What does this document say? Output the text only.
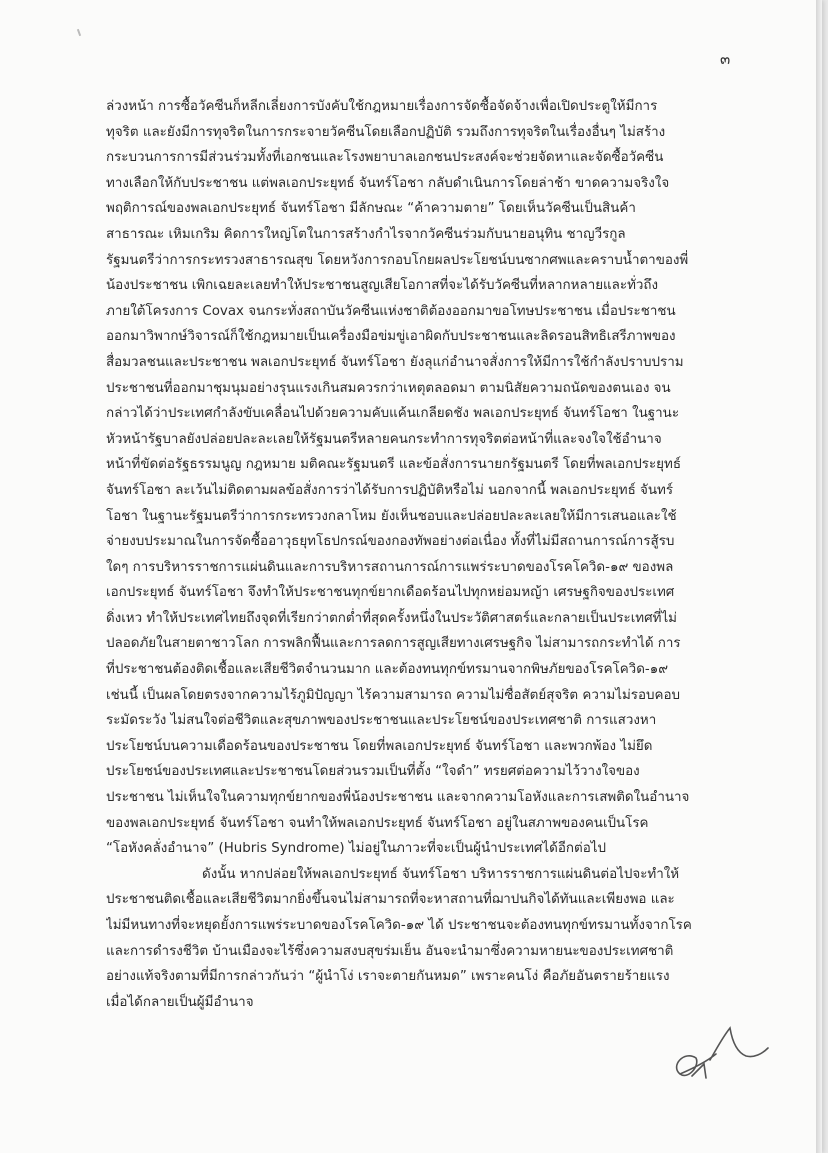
๓
ล่วงหน้า การซื้อวัคซีนก็หลีกเลี่ยงการบังคับใช้กฎหมายเรื่องการจัดซื้อจัดจ้างเพื่อเปิดประตูให้มีการ
ทุจริต และยังมีการทุจริตในการกระจายวัคซีนโดยเลือกปฏิบัติ รวมถึงการทุจริตในเรื่องอื่นๆ ไม่สร้าง
กระบวนการการมีส่วนร่วมทั้งที่เอกชนและโรงพยาบาลเอกชนประสงค์จะช่วยจัดหาและจัดซื้อวัคซีน
ทางเลือกให้กับประชาชน แต่พลเอกประยุทธ์ จันทร์โอชา กลับดำเนินการโดยล่าช้า ขาดความจริงใจ
พฤติการณ์ของพลเอกประยุทธ์ จันทร์โอชา มีลักษณะ “ค้าความตาย” โดยเห็นวัคซีนเป็นสินค้า
สาธารณะ เหิมเกริม คิดการใหญ่โตในการสร้างกำไรจากวัคซีนร่วมกับนายอนุทิน ชาญวีรกูล
รัฐมนตรีว่าการกระทรวงสาธารณสุข โดยหวังการกอบโกยผลประโยชน์บนซากศพและคราบน้ำตาของพี่
น้องประชาชน เพิกเฉยละเลยทำให้ประชาชนสูญเสียโอกาสที่จะได้รับวัคซีนที่หลากหลายและทั่วถึง
ภายใต้โครงการ Covax จนกระทั่งสถาบันวัคซีนแห่งชาติต้องออกมาขอโทษประชาชน เมื่อประชาชน
ออกมาวิพากษ์วิจารณ์ก็ใช้กฎหมายเป็นเครื่องมือข่มขู่เอาผิดกับประชาชนและลิดรอนสิทธิเสรีภาพของ
สื่อมวลชนและประชาชน พลเอกประยุทธ์ จันทร์โอชา ยังลุแก่อำนาจสั่งการให้มีการใช้กำลังปราบปราม
ประชาชนที่ออกมาชุมนุมอย่างรุนแรงเกินสมควรกว่าเหตุตลอดมา ตามนิสัยความถนัดของตนเอง จน
กล่าวได้ว่าประเทศกำลังขับเคลื่อนไปด้วยความคับแค้นเกลียดชัง พลเอกประยุทธ์ จันทร์โอชา ในฐานะ
หัวหน้ารัฐบาลยังปล่อยปละละเลยให้รัฐมนตรีหลายคนกระทำการทุจริตต่อหน้าที่และจงใจใช้อำนาจ
หน้าที่ขัดต่อรัฐธรรมนูญ กฎหมาย มติคณะรัฐมนตรี และข้อสั่งการนายกรัฐมนตรี โดยที่พลเอกประยุทธ์
จันทร์โอชา ละเว้นไม่ติดตามผลข้อสั่งการว่าได้รับการปฏิบัติหรือไม่ นอกจากนี้ พลเอกประยุทธ์ จันทร์
โอชา ในฐานะรัฐมนตรีว่าการกระทรวงกลาโหม ยังเห็นชอบและปล่อยปละละเลยให้มีการเสนอและใช้
จ่ายงบประมาณในการจัดซื้ออาวุธยุทโธปกรณ์ของกองทัพอย่างต่อเนื่อง ทั้งที่ไม่มีสถานการณ์การสู้รบ
ใดๆ การบริหารราชการแผ่นดินและการบริหารสถานการณ์การแพร่ระบาดของโรคโควิด-๑๙ ของพล
เอกประยุทธ์ จันทร์โอชา จึงทำให้ประชาชนทุกข์ยากเดือดร้อนไปทุกหย่อมหญ้า เศรษฐกิจของประเทศ
ดิ่งเหว ทำให้ประเทศไทยถึงจุดที่เรียกว่าตกต่ำที่สุดครั้งหนึ่งในประวัติศาสตร์และกลายเป็นประเทศที่ไม่
ปลอดภัยในสายตาชาวโลก การพลิกฟื้นและการลดการสูญเสียทางเศรษฐกิจ ไม่สามารถกระทำได้ การ
ที่ประชาชนต้องติดเชื้อและเสียชีวิตจำนวนมาก และต้องทนทุกข์ทรมานจากพิษภัยของโรคโควิด-๑๙
เช่นนี้ เป็นผลโดยตรงจากความไร้ภูมิปัญญา ไร้ความสามารถ ความไม่ซื่อสัตย์สุจริต ความไม่รอบคอบ
ระมัดระวัง ไม่สนใจต่อชีวิตและสุขภาพของประชาชนและประโยชน์ของประเทศชาติ การแสวงหา
ประโยชน์บนความเดือดร้อนของประชาชน โดยที่พลเอกประยุทธ์ จันทร์โอชา และพวกพ้อง ไม่ยึด
ประโยชน์ของประเทศและประชาชนโดยส่วนรวมเป็นที่ตั้ง “ใจดำ” ทรยศต่อความไว้วางใจของ
ประชาชน ไม่เห็นใจในความทุกข์ยากของพี่น้องประชาชน และจากความโอหังและการเสพติดในอำนาจ
ของพลเอกประยุทธ์ จันทร์โอชา จนทำให้พลเอกประยุทธ์ จันทร์โอชา อยู่ในสภาพของคนเป็นโรค
“โอหังคลั่งอำนาจ” (Hubris Syndrome) ไม่อยู่ในภาวะที่จะเป็นผู้นำประเทศได้อีกต่อไป
ดังนั้น หากปล่อยให้พลเอกประยุทธ์ จันทร์โอชา บริหารราชการแผ่นดินต่อไปจะทำให้
ประชาชนติดเชื้อและเสียชีวิตมากยิ่งขึ้นจนไม่สามารถที่จะหาสถานที่ฌาปนกิจได้ทันและเพียงพอ และ
ไม่มีหนทางที่จะหยุดยั้งการแพร่ระบาดของโรคโควิด-๑๙ ได้ ประชาชนจะต้องทนทุกข์ทรมานทั้งจากโรค
และการดำรงชีวิต บ้านเมืองจะไร้ซึ่งความสงบสุขร่มเย็น อันจะนำมาซึ่งความหายนะของประเทศชาติ
อย่างแท้จริงตามที่มีการกล่าวกันว่า “ผู้นำโง่ เราจะตายกันหมด” เพราะคนโง่ คือภัยอันตรายร้ายแรง
เมื่อได้กลายเป็นผู้มีอำนาจ
